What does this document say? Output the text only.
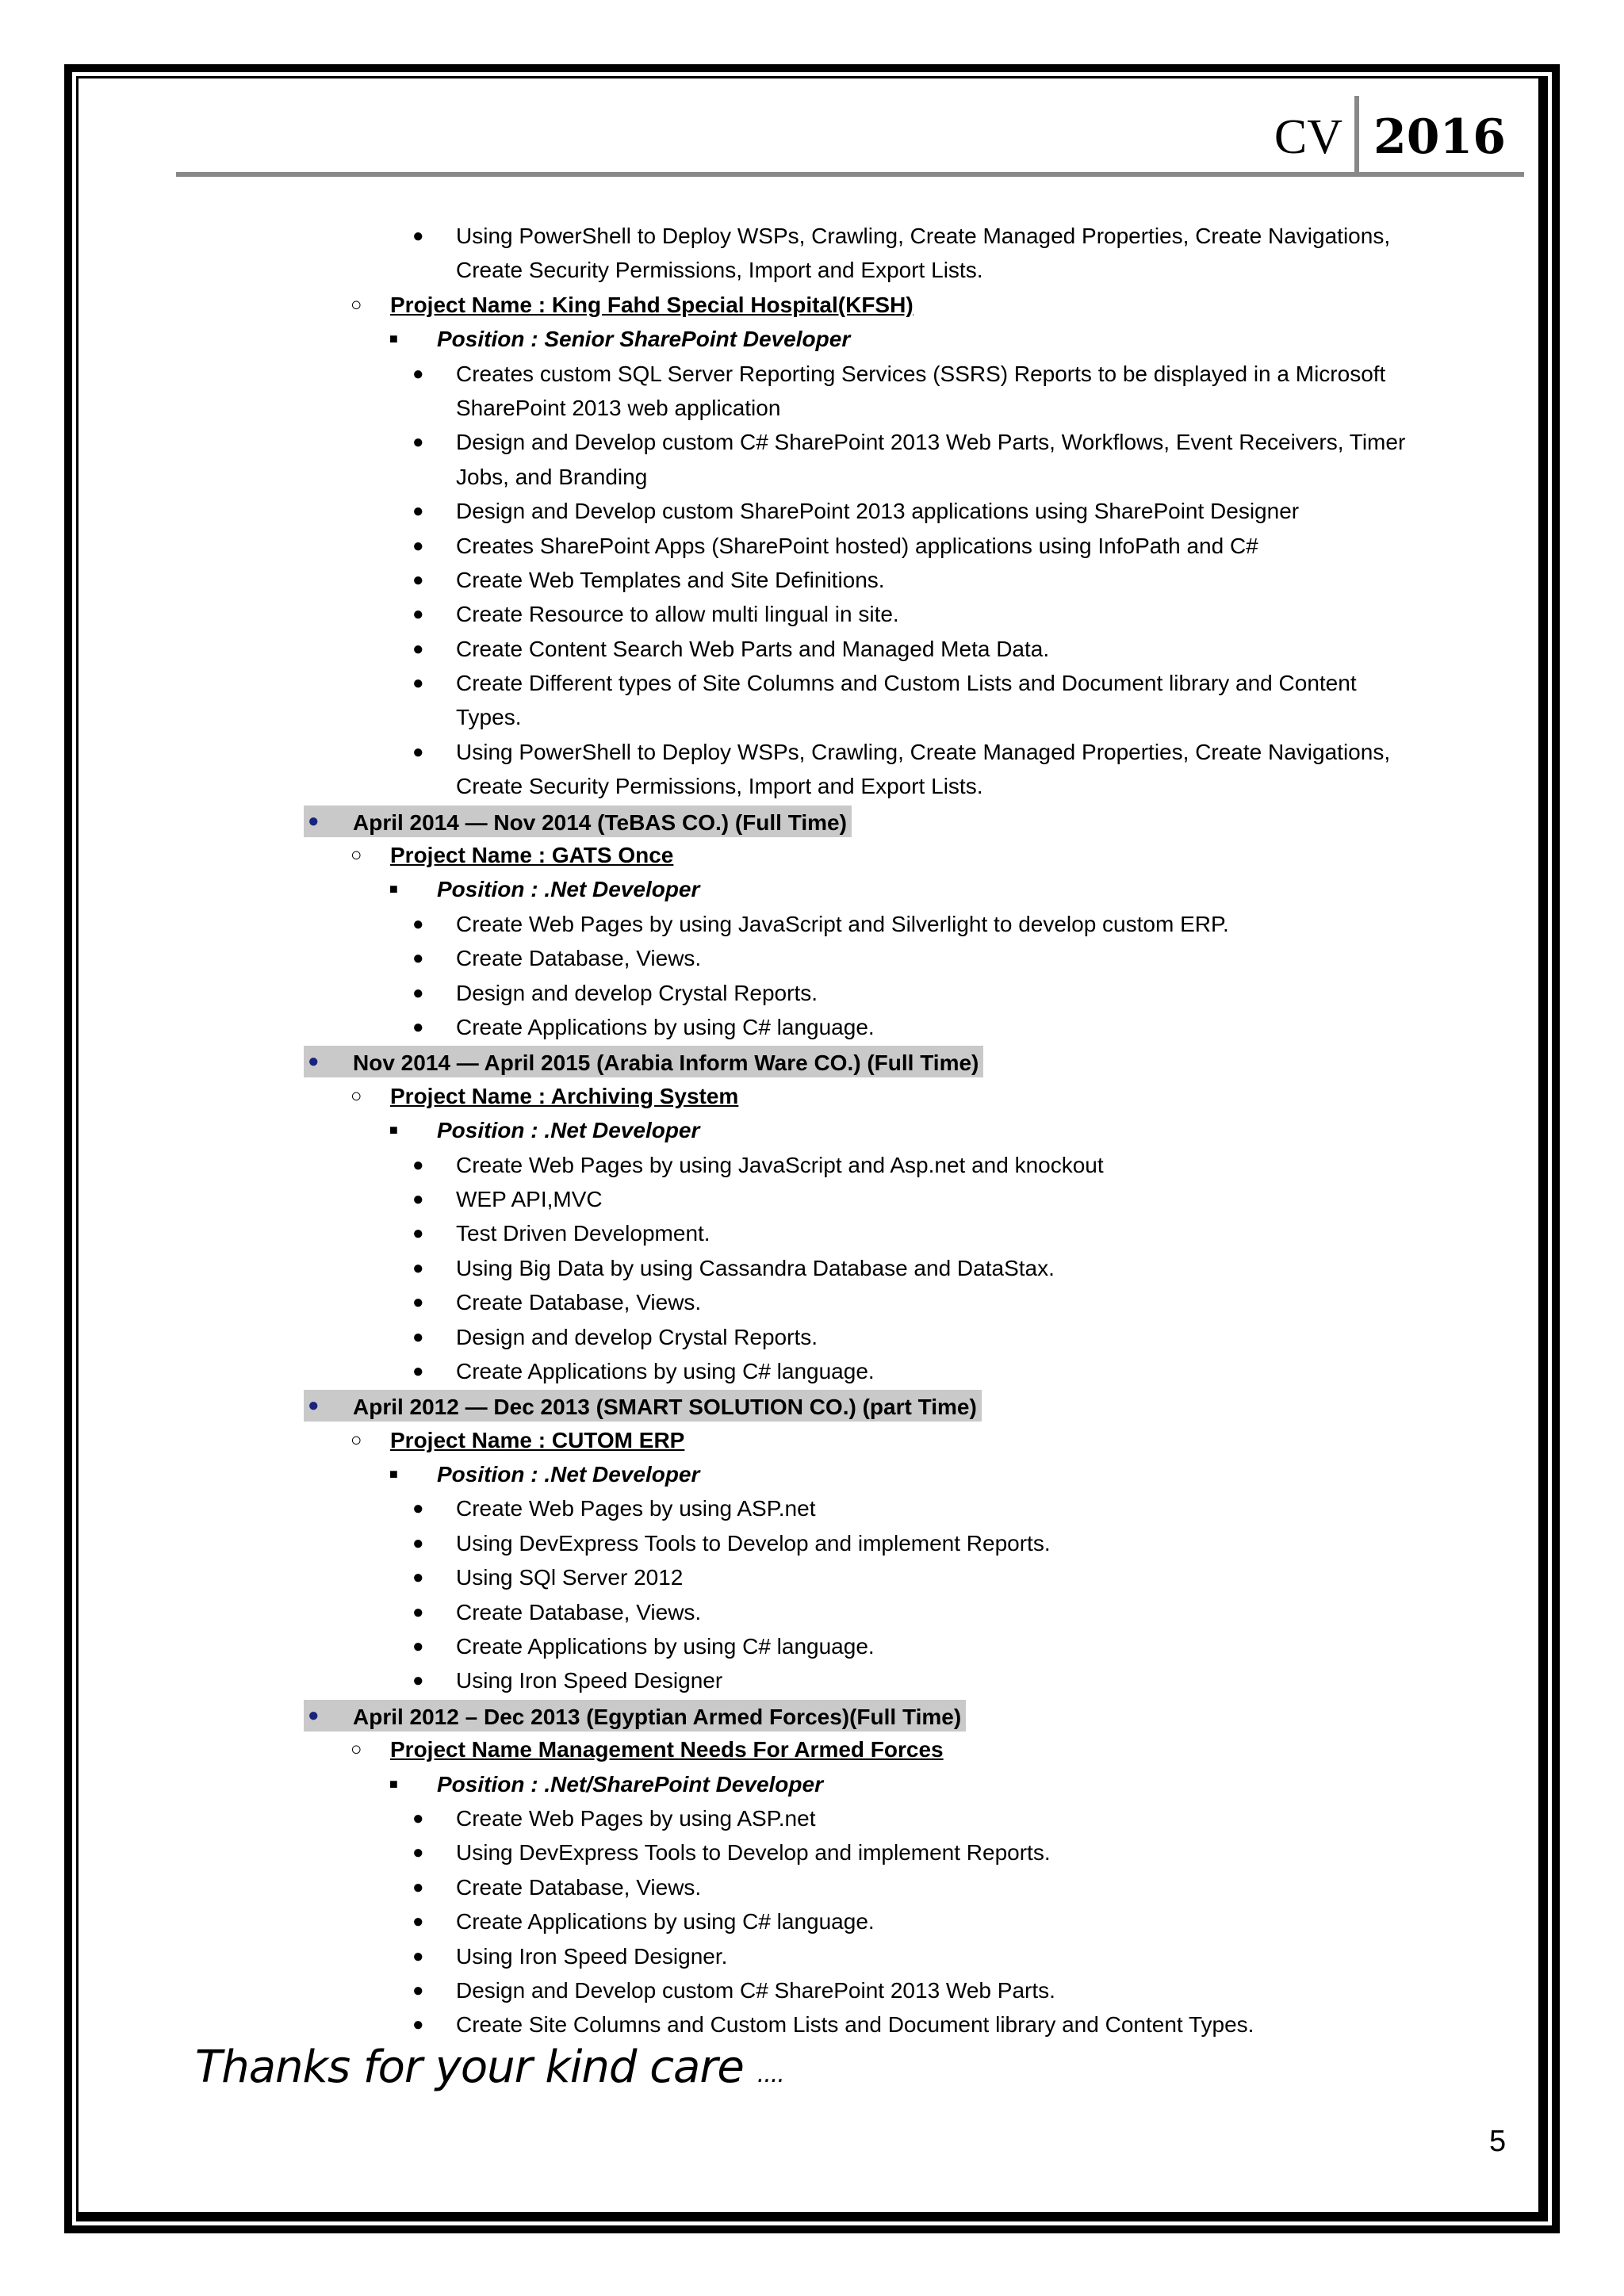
CV 2016
● Using PowerShell to Deploy WSPs, Crawling, Create Managed Properties, Create Navigations,
Create Security Permissions, Import and Export Lists.
○ Project Name : King Fahd Special Hospital(KFSH)
■ Position : Senior SharePoint Developer
● Creates custom SQL Server Reporting Services (SSRS) Reports to be displayed in a Microsoft
SharePoint 2013 web application
● Design and Develop custom C# SharePoint 2013 Web Parts, Workflows, Event Receivers, Timer
Jobs, and Branding
● Design and Develop custom SharePoint 2013 applications using SharePoint Designer
● Creates SharePoint Apps (SharePoint hosted) applications using InfoPath and C#
● Create Web Templates and Site Definitions.
● Create Resource to allow multi lingual in site.
● Create Content Search Web Parts and Managed Meta Data.
● Create Different types of Site Columns and Custom Lists and Document library and Content
Types.
● Using PowerShell to Deploy WSPs, Crawling, Create Managed Properties, Create Navigations,
Create Security Permissions, Import and Export Lists.
●	April 2014 — Nov 2014 (TeBAS CO.) (Full Time)
○ Project Name : GATS Once
■ Position : .Net Developer
● Create Web Pages by using JavaScript and Silverlight to develop custom ERP.
● Create Database, Views.
● Design and develop Crystal Reports.
● Create Applications by using C# language.
●	Nov 2014 — April 2015 (Arabia Inform Ware CO.) (Full Time)
○ Project Name : Archiving System
■ Position : .Net Developer
● Create Web Pages by using JavaScript and Asp.net and knockout
● WEP API,MVC
● Test Driven Development.
● Using Big Data by using Cassandra Database and DataStax.
● Create Database, Views.
● Design and develop Crystal Reports.
● Create Applications by using C# language.
●	April 2012 — Dec 2013 (SMART SOLUTION CO.) (part Time)
○ Project Name : CUTOM ERP
■ Position : .Net Developer
● Create Web Pages by using ASP.net
● Using DevExpress Tools to Develop and implement Reports.
● Using SQl Server 2012
● Create Database, Views.
● Create Applications by using C# language.
● Using Iron Speed Designer
●	April 2012 – Dec 2013 (Egyptian Armed Forces)(Full Time)
○ Project Name Management Needs For Armed Forces
■ Position : .Net/SharePoint Developer
● Create Web Pages by using ASP.net
● Using DevExpress Tools to Develop and implement Reports.
● Create Database, Views.
● Create Applications by using C# language.
● Using Iron Speed Designer.
● Design and Develop custom C# SharePoint 2013 Web Parts.
● Create Site Columns and Custom Lists and Document library and Content Types.
Thanks for your kind care ....
5
